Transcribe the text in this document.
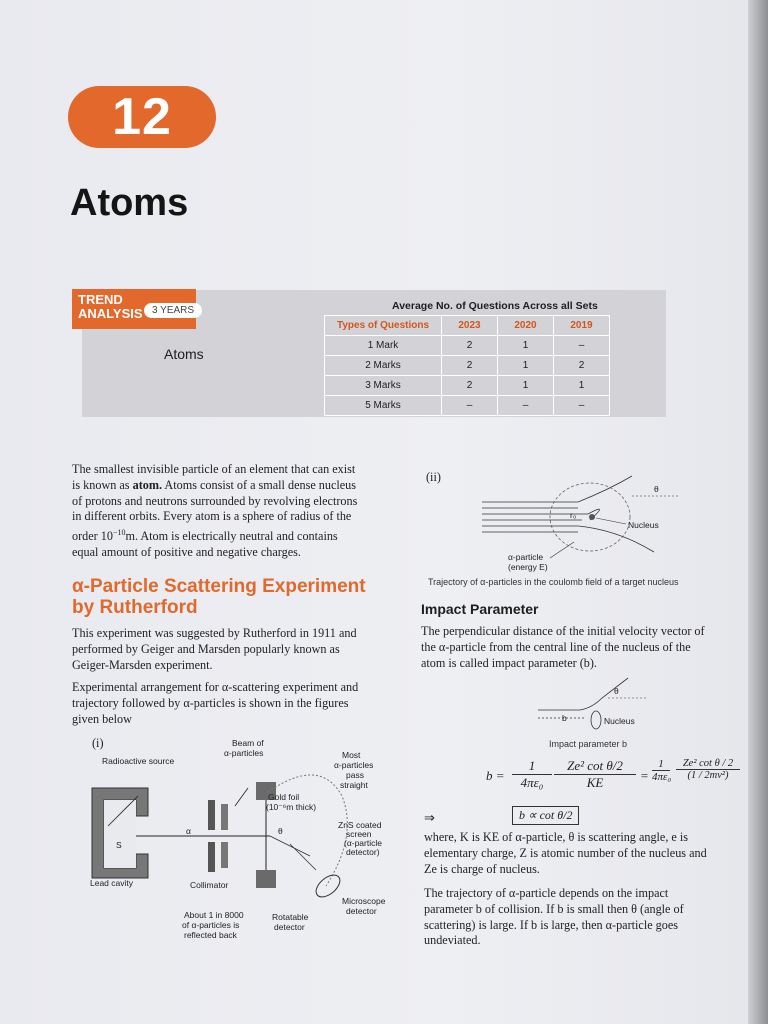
12
Atoms
TREND
ANALYSIS 3 YEARS
Atoms
Average No. of Questions Across all Sets
Types of Questions	2023	2020	2019
1 Mark	2	1	–
2 Marks	2	1	2
3 Marks	2	1	1
5 Marks	–	–	–
The smallest invisible particle of an element that can exist
is known as atom. Atoms consist of a small dense nucleus
of protons and neutrons surrounded by revolving electrons
in different orbits. Every atom is a sphere of radius of the
order $10^{-10}m$. Atom is electrically neutral and contains
equal amount of positive and negative charges.
α-Particle Scattering Experiment
by Rutherford
This experiment was suggested by Rutherford in 1911 and
performed by Geiger and Marsden popularly known as
Geiger-Marsden experiment.
Experimental arrangement for α-scattering experiment and
trajectory followed by α-particles is shown in the figures
given below
(i)
Radioactive source
Beam of
α-particles	Most
α-particles
pass
straight
S
α
Gold foil
(10⁻⁶m thick)
θ
ZnS coated
screen
(α-particle
detector)
Lead cavity	Collimator
Microscope
detector
About 1 in 8000
of α-particles is
reflected back
Rotatable
detector
(ii)
r₀
θ
Nucleus
α-particle
(energy E)
Trajectory of α-particles in the coulomb field of a target nucleus
Impact Parameter
The perpendicular distance of the initial velocity vector of
the α-particle from the central line of the nucleus of the
atom is called impact parameter (b).
θ
b	Nucleus
Impact parameter b
$b = \frac{1}{\text{4πε₀}} \frac{\text{Ze² cot θ/2}}{KE} = \frac{1}{\text{4πε₀}} \frac{\text{Ze² cot θ / 2}}{\text{(1 / 2mv²)}}$
⇒	b ∝ cot θ/2
where, K is KE of α-particle, θ is scattering angle, e is
elementary charge, Z is atomic number of the nucleus and
Ze is charge of nucleus.
The trajectory of α-particle depends on the impact
parameter b of collision. If b is small then θ (angle of
scattering) is large. If b is large, then α-particle goes
undeviated.
